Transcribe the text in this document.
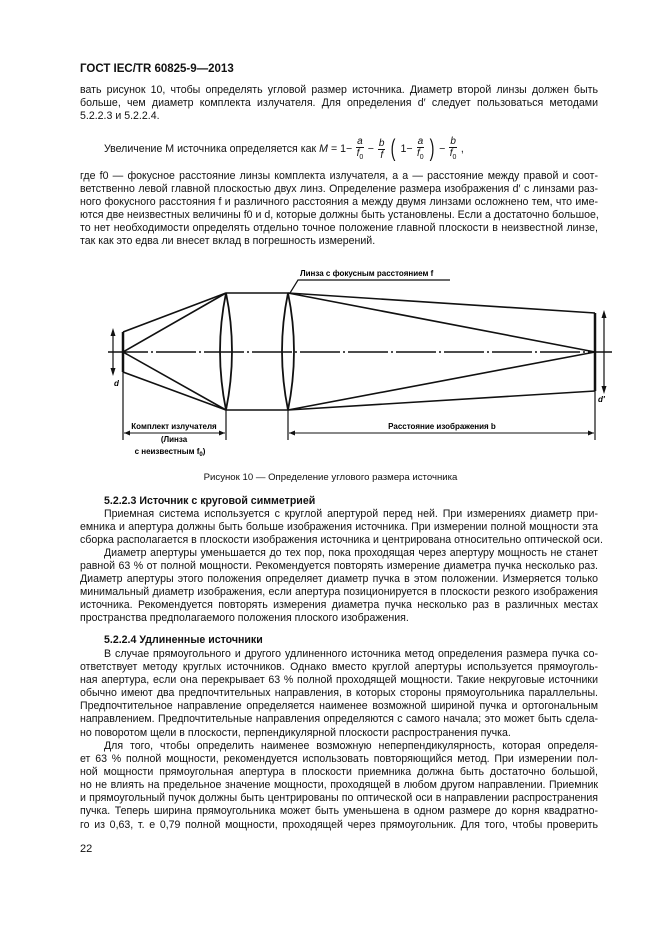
ГОСТ IEC/TR 60825-9—2013
вать рисунок 10, чтобы определять угловой размер источника. Диаметр второй линзы должен быть
больше, чем диаметр комплекта излучателя. Для определения d′ следует пользоваться методами
5.2.2.3 и 5.2.2.4.
Увеличение М источника определяется как $M = 1- \frac{a}{f_0} - \frac{b}{f}$ ( $1- \frac{a}{f_0}$ ) − $\frac{b}{f_0}$ ,
где f0 — фокусное расстояние линзы комплекта излучателя, а a — расстояние между правой и соот-
ветственно левой главной плоскостью двух линз. Определение размера изображения d′ с линзами раз-
ного фокусного расстояния f и различного расстояния a между двумя линзами осложнено тем, что име-
ются две неизвестных величины f0 и d, которые должны быть установлены. Если a достаточно большое,
то нет необходимости определять отдельно точное положение главной плоскости в неизвестной линзе,
так как это едва ли внесет вклад в погрешность измерений.
Линза с фокусным расстоянием f
Комплект излучателя
(Линза
с неизвестным $f_0$)
Расстояние изображения b
d
d′
Рисунок 10 — Определение углового размера источника
5.2.2.3 Источник с круговой симметрией
Приемная система используется с круглой апертурой перед ней. При измерениях диаметр при-
емника и апертура должны быть больше изображения источника. При измерении полной мощности эта
сборка располагается в плоскости изображения источника и центрирована относительно оптической оси.
Диаметр апертуры уменьшается до тех пор, пока проходящая через апертуру мощность не станет
равной 63 % от полной мощности. Рекомендуется повторять измерение диаметра пучка несколько раз.
Диаметр апертуры этого положения определяет диаметр пучка в этом положении. Измеряется только
минимальный диаметр изображения, если апертура позиционируется в плоскости резкого изображения
источника. Рекомендуется повторять измерения диаметра пучка несколько раз в различных местах
пространства предполагаемого положения плоского изображения.
5.2.2.4 Удлиненные источники
В случае прямоугольного и другого удлиненного источника метод определения размера пучка со-
ответствует методу круглых источников. Однако вместо круглой апертуры используется прямоуголь-
ная апертура, если она перекрывает 63 % полной проходящей мощности. Такие некруговые источники
обычно имеют два предпочтительных направления, в которых стороны прямоугольника параллельны.
Предпочтительное направление определяется наименее возможной шириной пучка и ортогональным
направлением. Предпочтительные направления определяются с самого начала; это может быть сдела-
но поворотом щели в плоскости, перпендикулярной плоскости распространения пучка.
Для того, чтобы определить наименее возможную неперпендикулярность, которая определя-
ет 63 % полной мощности, рекомендуется использовать повторяющийся метод. При измерении пол-
ной мощности прямоугольная апертура в плоскости приемника должна быть достаточно большой,
но не влиять на предельное значение мощности, проходящей в любом другом направлении. Приемник
и прямоугольный пучок должны быть центрированы по оптической оси в направлении распространения
пучка. Теперь ширина прямоугольника может быть уменьшена в одном размере до корня квадратно-
го из 0,63, т. е 0,79 полной мощности, проходящей через прямоугольник. Для того, чтобы проверить
22
